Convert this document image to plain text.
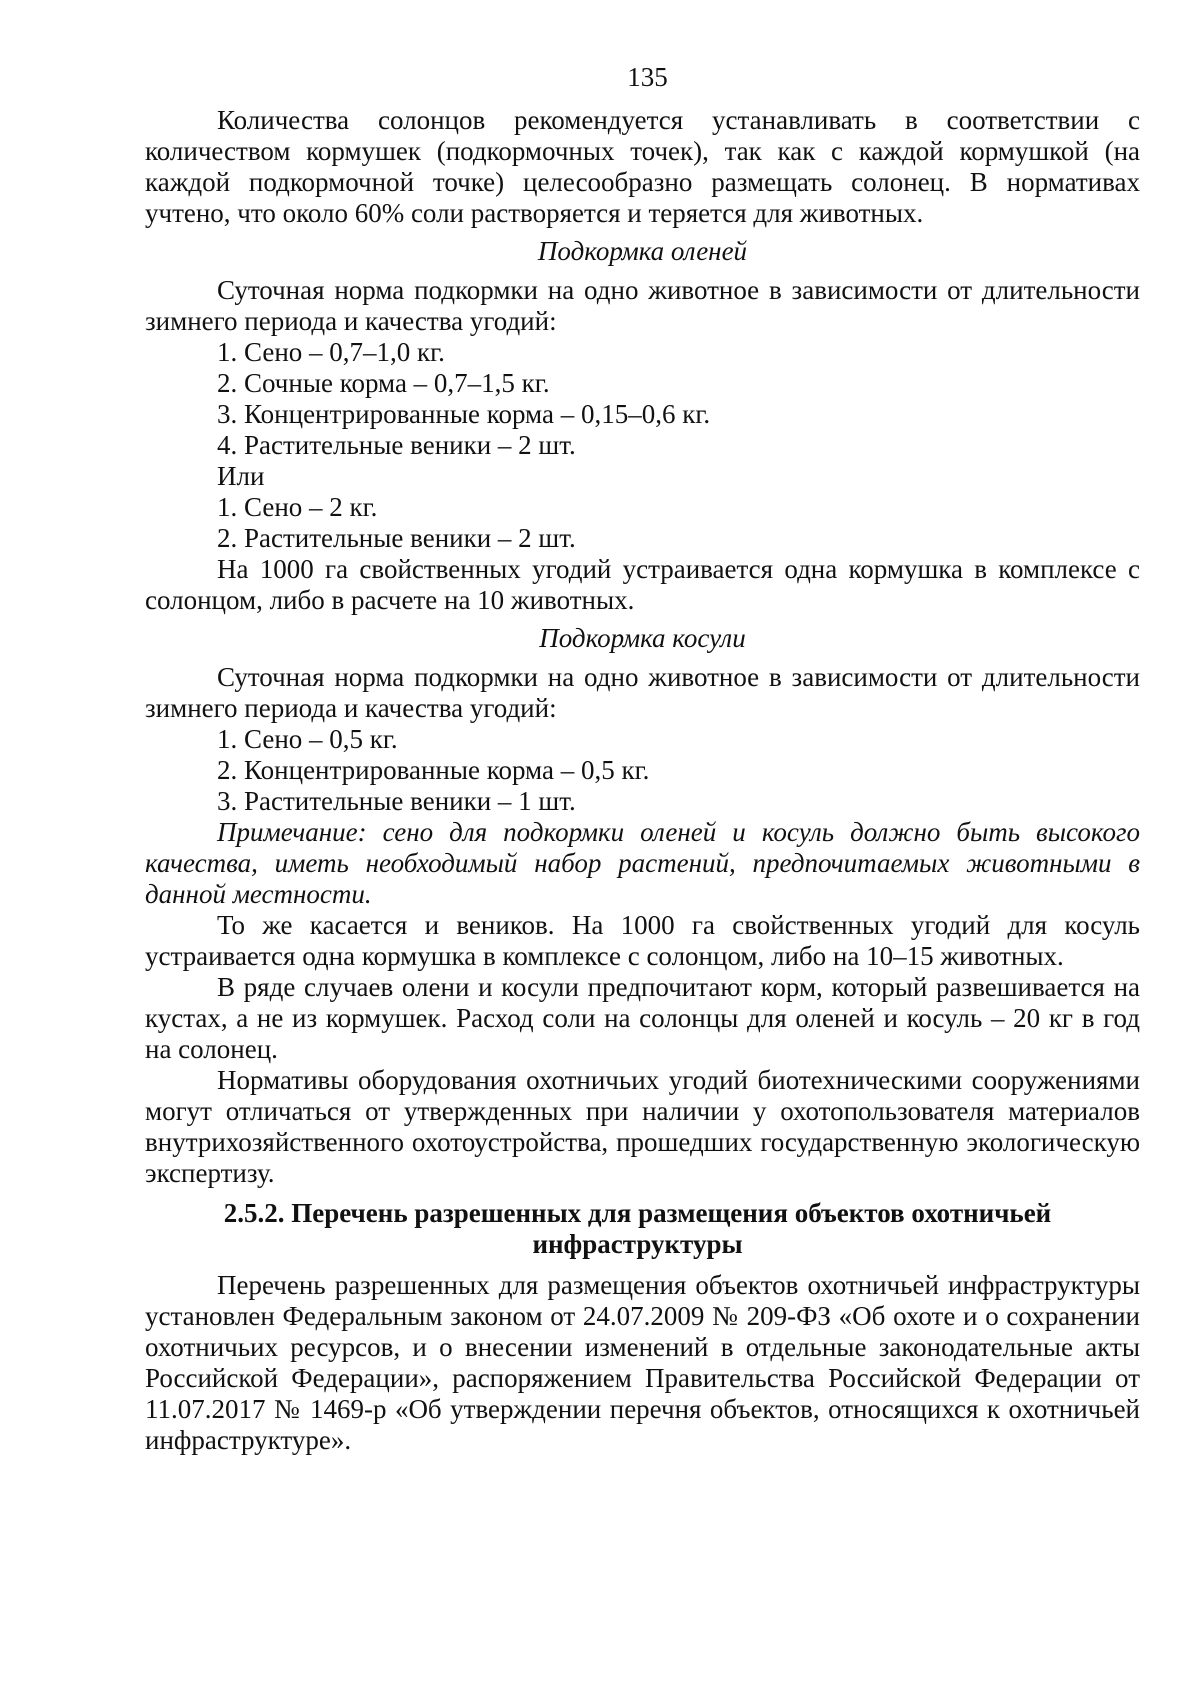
135

Количества солонцов рекомендуется устанавливать в соответствии с количеством кормушек (подкормочных точек), так как с каждой кормушкой (на каждой подкормочной точке) целесообразно размещать солонец. В нормативах учтено, что около 60% соли растворяется и теряется для животных.

Подкормка оленей

Суточная норма подкормки на одно животное в зависимости от длительности зимнего периода и качества угодий:

1. Сено – 0,7–1,0 кг.

2. Сочные корма – 0,7–1,5 кг.

3. Концентрированные корма – 0,15–0,6 кг.

4. Растительные веники – 2 шт.

Или

1. Сено – 2 кг.

2. Растительные веники – 2 шт.

На 1000 га свойственных угодий устраивается одна кормушка в комплексе с солонцом, либо в расчете на 10 животных.

Подкормка косули

Суточная норма подкормки на одно животное в зависимости от длительности зимнего периода и качества угодий:

1. Сено – 0,5 кг.

2. Концентрированные корма – 0,5 кг.

3. Растительные веники – 1 шт.

Примечание: сено для подкормки оленей и косуль должно быть высокого качества, иметь необходимый набор растений, предпочитаемых животными в данной местности.

То же касается и веников. На 1000 га свойственных угодий для косуль устраивается одна кормушка в комплексе с солонцом, либо на 10–15 животных.

В ряде случаев олени и косули предпочитают корм, который развешивается на кустах, а не из кормушек. Расход соли на солонцы для оленей и косуль – 20 кг в год на солонец.

Нормативы оборудования охотничьих угодий биотехническими сооружениями могут отличаться от утвержденных при наличии у охотопользователя материалов внутрихозяйственного охотоустройства, прошедших государственную экологическую экспертизу.

2.5.2. Перечень разрешенных для размещения объектов охотничьей инфраструктуры

Перечень разрешенных для размещения объектов охотничьей инфраструктуры установлен Федеральным законом от 24.07.2009 № 209-ФЗ «Об охоте и о сохранении охотничьих ресурсов, и о внесении изменений в отдельные законодательные акты Российской Федерации», распоряжением Правительства Российской Федерации от 11.07.2017 № 1469-р «Об утверждении перечня объектов, относящихся к охотничьей инфраструктуре».
